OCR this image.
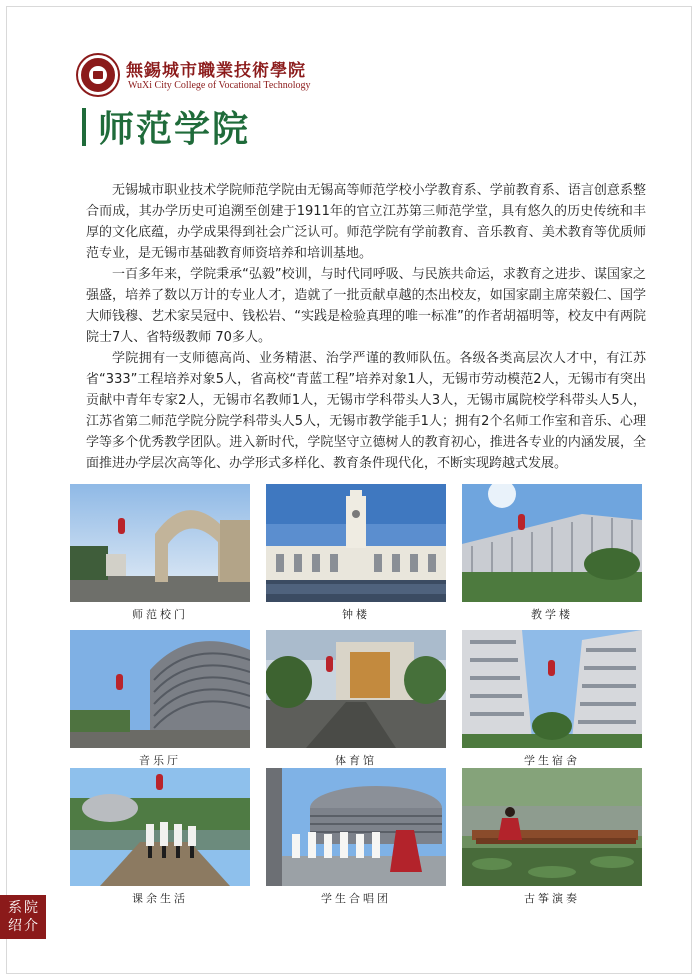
無錫城市職業技術學院
WuXi City College of Vocational Technology
师范学院

无锡城市职业技术学院师范学院由无锡高等师范学校小学教育系、学前教育系、语言创意系整合而成，其办学历史可追溯至创建于1911年的官立江苏第三师范学堂，具有悠久的历史传统和丰厚的文化底蕴，办学成果得到社会广泛认可。师范学院有学前教育、音乐教育、美术教育等优质师范专业，是无锡市基础教育师资培养和培训基地。

一百多年来，学院秉承“弘毅”校训，与时代同呼吸、与民族共命运，求教育之进步、谋国家之强盛，培养了数以万计的专业人才，造就了一批贡献卓越的杰出校友，如国家副主席荣毅仁、国学大师钱穆、艺术家吴冠中、钱松岩、“实践是检验真理的唯一标准”的作者胡福明等，校友中有两院院士7人、省特级教师 70多人。

学院拥有一支师德高尚、业务精湛、治学严谨的教师队伍。各级各类高层次人才中，有江苏省“333”工程培养对象5人，省高校“青蓝工程”培养对象1人，无锡市劳动模范2人，无锡市有突出贡献中青年专家2人，无锡市名教师1人，无锡市学科带头人3人，无锡市属院校学科带头人5人，江苏省第二师范学院分院学科带头人5人，无锡市教学能手1人；拥有2个名师工作室和音乐、心理学等多个优秀教学团队。进入新时代，学院坚守立德树人的教育初心，推进各专业的内涵发展，全面推进办学层次高等化、办学形式多样化、教育条件现代化，不断实现跨越式发展。

师范校门	钟楼	教学楼
音乐厅	体育馆	学生宿舍
课余生活	学生合唱团	古筝演奏
院
系
介
绍
